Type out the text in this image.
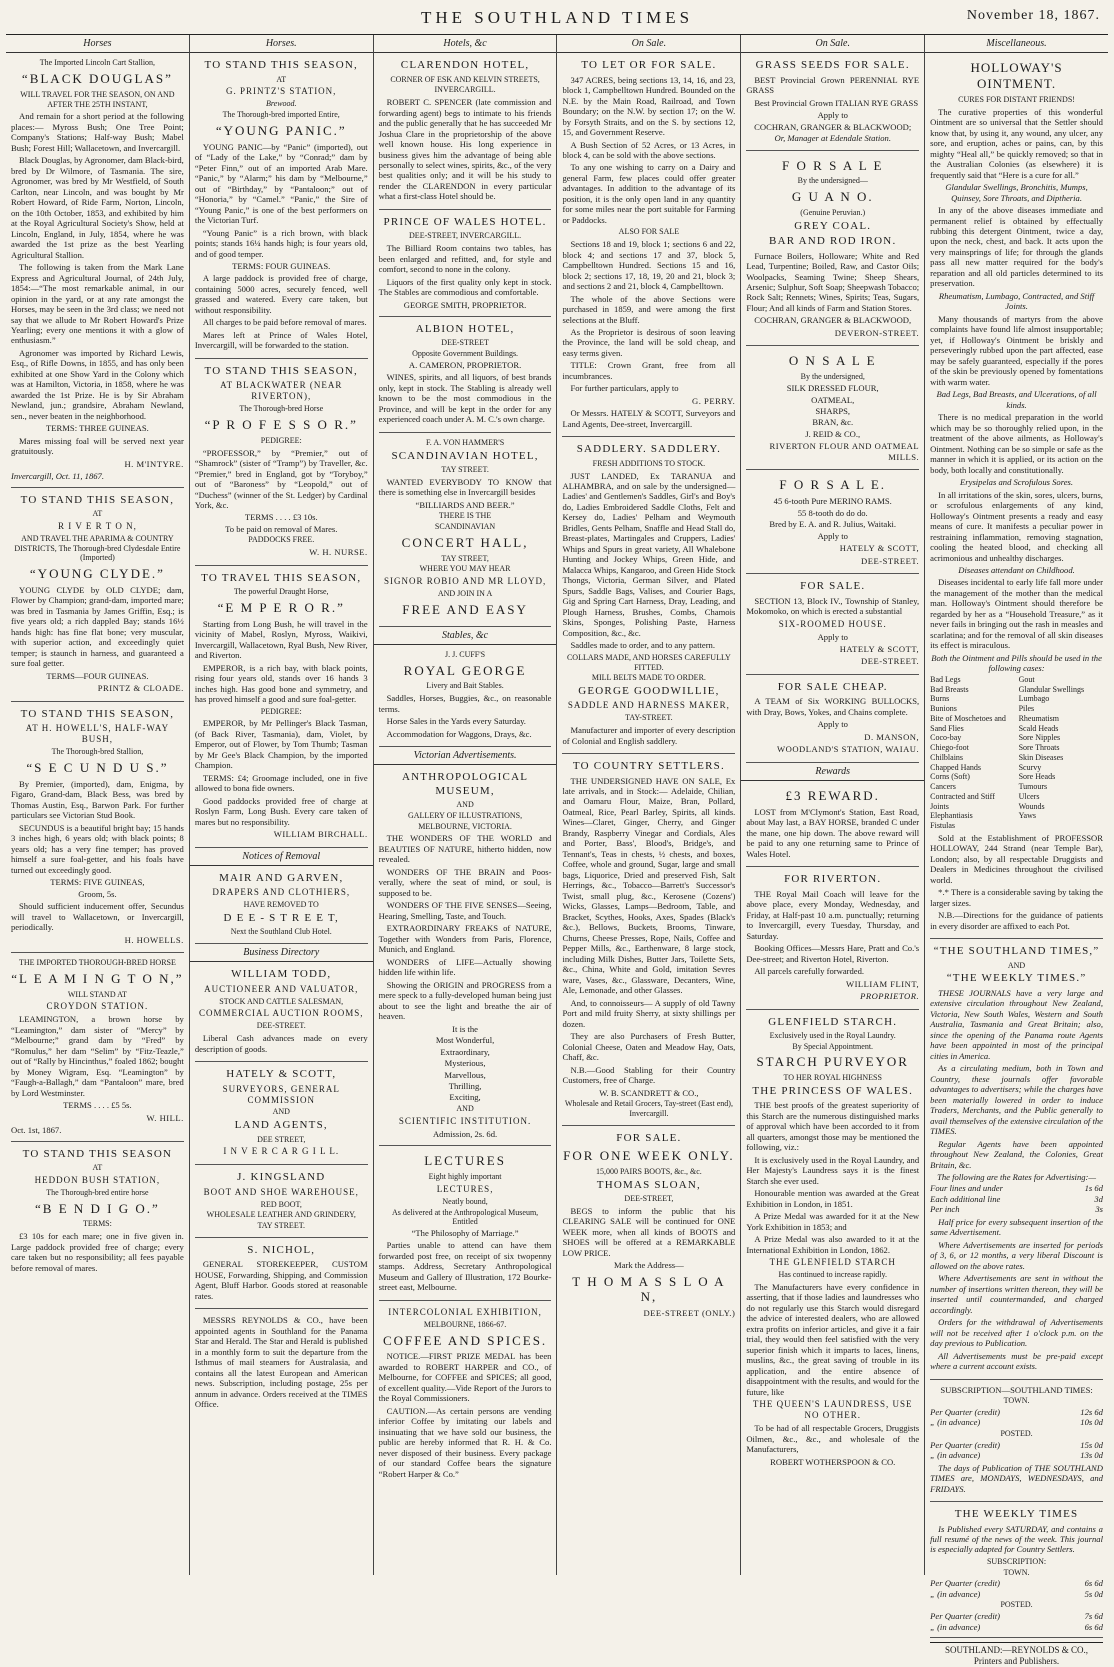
THE SOUTHLAND TIMES	November 18, 1867.
Horses
The Imported Lincoln Cart Stallion,
“BLACK DOUGLAS”
WILL TRAVEL FOR THE SEASON, ON AND AFTER THE 25TH INSTANT,

And remain for a short period at the following places:— Myross Bush; One Tree Point; Company's Stations; Half-way Bush; Mabel Bush; Forest Hill; Wallacetown, and Invercargill.

Black Douglas, by Agronomer, dam Black-bird, bred by Dr Wilmore, of Tasmania. The sire, Agronomer, was bred by Mr Westfield, of South Carlton, near Lincoln, and was bought by Mr Robert Howard, of Ride Farm, Norton, Lincoln, on the 10th October, 1853, and exhibited by him at the Royal Agricultural Society's Show, held at Lincoln, England, in July, 1854, where he was awarded the 1st prize as the best Yearling Agricultural Stallion.

The following is taken from the Mark Lane Express and Agricultural Journal, of 24th July, 1854:—“The most remarkable animal, in our opinion in the yard, or at any rate amongst the Horses, may be seen in the 3rd class; we need not say that we allude to Mr Robert Howard's Prize Yearling; every one mentions it with a glow of enthusiasm.”

Agronomer was imported by Richard Lewis, Esq., of Rifle Downs, in 1855, and has only been exhibited at one Show Yard in the Colony which was at Hamilton, Victoria, in 1858, where he was awarded the 1st Prize. He is by Sir Abraham Newland, jun.; grandsire, Abraham Newland, sen., never beaten in the neighborhood.

TERMS: THREE GUINEAS.

Mares missing foal will be served next year gratuitously.

H. M'INTYRE.
Invercargill, Oct. 11, 1867.
TO STAND THIS SEASON,
AT
R I V E R T O N,
AND TRAVEL THE APARIMA & COUNTRY DISTRICTS, The Thorough-bred Clydesdale Entire (Imported)
“YOUNG CLYDE.”

YOUNG CLYDE by OLD CLYDE; dam, Flower by Champion; grand-dam, imported mare; was bred in Tasmania by James Griffin, Esq.; is five years old; a rich dappled Bay; stands 16½ hands high: has fine flat bone; very muscular, with superior action, and exceedingly quiet temper; is staunch in harness, and guaranteed a sure foal getter.

TERMS—FOUR GUINEAS.
PRINTZ & CLOADE.
TO STAND THIS SEASON,
AT H. HOWELL'S, HALF-WAY BUSH,
The Thorough-bred Stallion,
“S E C U N D U S.”

By Premier, (imported), dam, Enigma, by Figaro, Grand-dam, Black Bess, was bred by Thomas Austin, Esq., Barwon Park. For further particulars see Victorian Stud Book.

SECUNDUS is a beautiful bright bay; 15 hands 3 inches high, 6 years old; with black points; 8 years old; has a very fine temper; has proved himself a sure foal-getter, and his foals have turned out exceedingly good.

TERMS: FIVE GUINEAS,
Groom, 5s.

Should sufficient inducement offer, Secundus will travel to Wallacetown, or Invercargill, periodically.

H. HOWELLS.
THE IMPORTED THOROUGH-BRED HORSE
“L E A M I N G T O N,”
WILL STAND AT
CROYDON STATION.

LEAMINGTON, a brown horse by “Leamington,” dam sister of “Mercy” by “Melbourne;” grand dam by “Fred” by “Romulus,” her dam “Selim” by “Fitz-Teazle,” out of “Rally by Hincinthus,” foaled 1862; bought by Money Wigram, Esq. “Leamington” by “Faugh-a-Ballagh,” dam “Pantaloon” mare, bred by Lord Westminster.

TERMS . . . . £5 5s.
W. HILL.
Oct. 1st, 1867.
TO STAND THIS SEASON
AT
HEDDON BUSH STATION,
The Thorough-bred entire horse
“B E N D I G O.”
TERMS:

£3 10s for each mare; one in five given in. Large paddock provided free of charge; every care taken but no responsibility; all fees payable before removal of mares.

Horses.
TO STAND THIS SEASON,
AT
G. PRINTZ'S STATION,
Brewood.
The Thorough-bred imported Entire,
“YOUNG PANIC.”

YOUNG PANIC—by “Panic” (imported), out of “Lady of the Lake,” by “Conrad;” dam by “Peter Finn,” out of an imported Arab Mare. “Panic,” by “Alarm;” his dam by “Melbourne,” out of “Birthday,” by “Pantaloon;” out of “Honoria,” by “Camel.” “Panic,” the Sire of “Young Panic,” is one of the best performers on the Victorian Turf.

“Young Panic” is a rich brown, with black points; stands 16¼ hands high; is four years old, and of good temper.

TERMS: FOUR GUINEAS.

A large paddock is provided free of charge, containing 5000 acres, securely fenced, well grassed and watered. Every care taken, but without responsibility.

All charges to be paid before removal of mares.

Mares left at Prince of Wales Hotel, Invercargill, will be forwarded to the station.

TO STAND THIS SEASON,
AT BLACKWATER (NEAR RIVERTON),
The Thorough-bred Horse
“P R O F E S S O R.”
PEDIGREE:

“PROFESSOR,” by “Premier,” out of “Shamrock” (sister of “Tramp”) by Traveller, &c. “Premier,” bred in England, got by “Toryboy,” out of “Baroness” by “Leopold,” out of “Duchess” (winner of the St. Ledger) by Cardinal York, &c.

TERMS . . . . £3 10s.
To be paid on removal of Mares.
PADDOCKS FREE.
W. H. NURSE.
TO TRAVEL THIS SEASON,
The powerful Draught Horse,
“E M P E R O R.”

Starting from Long Bush, he will travel in the vicinity of Mabel, Roslyn, Myross, Waikivi, Invercargill, Wallacetown, Ryal Bush, New River, and Riverton.

EMPEROR, is a rich bay, with black points, rising four years old, stands over 16 hands 3 inches high. Has good bone and symmetry, and has proved himself a good and sure foal-getter.

PEDIGREE:

EMPEROR, by Mr Pellinger's Black Tasman, (of Back River, Tasmania), dam, Violet, by Emperor, out of Flower, by Tom Thumb; Tasman by Mr Gee's Black Champion, by the imported Champion.

TERMS: £4; Groomage included, one in five allowed to bona fide owners.

Good paddocks provided free of charge at Roslyn Farm, Long Bush. Every care taken of mares but no responsibility.

WILLIAM BIRCHALL.
Notices of Removal
MAIR AND GARVEN,
DRAPERS AND CLOTHIERS,
HAVE REMOVED TO
D E E - S T R E E T,
Next the Southland Club Hotel.
Business Directory
WILLIAM TODD,
AUCTIONEER AND VALUATOR,
STOCK AND CATTLE SALESMAN,
COMMERCIAL AUCTION ROOMS,
DEE-STREET.

Liberal Cash advances made on every description of goods.

HATELY & SCOTT,
SURVEYORS, GENERAL COMMISSION
AND
LAND AGENTS,
DEE STREET,
I N V E R C A R G I L L.
J. KINGSLAND
BOOT AND SHOE WAREHOUSE,
RED BOOT,
WHOLESALE LEATHER AND GRINDERY,
TAY STREET.
S. NICHOL,

GENERAL STOREKEEPER, CUSTOM HOUSE, Forwarding, Shipping, and Commission Agent, Bluff Harbor. Goods stored at reasonable rates.

MESSRS REYNOLDS & CO., have been appointed agents in Southland for the Panama Star and Herald. The Star and Herald is published in a monthly form to suit the departure from the Isthmus of mail steamers for Australasia, and contains all the latest European and American news. Subscription, including postage, 25s per annum in advance. Orders received at the TIMES Office.

Hotels, &c
CLARENDON HOTEL,
CORNER OF ESK AND KELVIN STREETS,
INVERCARGILL.

ROBERT C. SPENCER (late commission and forwarding agent) begs to intimate to his friends and the public generally that he has succeeded Mr Joshua Clare in the proprietorship of the above well known house. His long experience in business gives him the advantage of being able personally to select wines, spirits, &c., of the very best qualities only; and it will be his study to render the CLARENDON in every particular what a first-class Hotel should be.

PRINCE OF WALES HOTEL.
DEE-STREET, INVERCARGILL.

The Billiard Room contains two tables, has been enlarged and refitted, and, for style and comfort, second to none in the colony.

Liquors of the first quality only kept in stock. The Stables are commodious and comfortable.

GEORGE SMITH, PROPRIETOR.
ALBION HOTEL,
DEE-STREET
Opposite Government Buildings.
A. CAMERON, PROPRIETOR.

WINES, spirits, and all liquors, of best brands only, kept in stock. The Stabling is already well known to be the most commodious in the Province, and will be kept in the order for any experienced coach under A. M. C.'s own charge.

F. A. VON HAMMER'S
SCANDINAVIAN HOTEL,
TAY STREET.

WANTED EVERYBODY TO KNOW that there is something else in Invercargill besides

“BILLIARDS AND BEER.”
THERE IS THE
SCANDINAVIAN
CONCERT HALL,
TAY STREET,
WHERE YOU MAY HEAR
SIGNOR ROBIO AND MR LLOYD,
AND JOIN IN A
FREE AND EASY
Stables, &c
J. J. CUFF'S
ROYAL GEORGE
Livery and Bait Stables.

Saddles, Horses, Buggies, &c., on reasonable terms.

Horse Sales in the Yards every Saturday.

Accommodation for Waggons, Drays, &c.

Victorian Advertisements.
ANTHROPOLOGICAL MUSEUM,
AND
GALLERY OF ILLUSTRATIONS,
MELBOURNE, VICTORIA.

THE WONDERS OF THE WORLD and BEAUTIES OF NATURE, hitherto hidden, now revealed.

WONDERS OF THE BRAIN and Poos-verally, where the seat of mind, or soul, is supposed to be.

WONDERS OF THE FIVE SENSES—Seeing, Hearing, Smelling, Taste, and Touch.

EXTRAORDINARY FREAKS of NATURE, Together with Wonders from Paris, Florence, Munich, and England.

WONDERS of LIFE—Actually showing hidden life within life.

Showing the ORIGIN and PROGRESS from a mere speck to a fully-developed human being just about to see the light and breathe the air of heaven.

It is the
Most Wonderful,
Extraordinary,
Mysterious,
Marvellous,
Thrilling,
Exciting,
AND
SCIENTIFIC INSTITUTION.
Admission, 2s. 6d.
LECTURES
Eight highly important
LECTURES,
Neatly bound,
As delivered at the Anthropological Museum, Entitled
“The Philosophy of Marriage.”

Parties unable to attend can have them forwarded post free, on receipt of six twopenny stamps. Address, Secretary Anthropological Museum and Gallery of Illustration, 172 Bourke-street east, Melbourne.

INTERCOLONIAL EXHIBITION,
MELBOURNE, 1866-67.
COFFEE AND SPICES.

NOTICE.—FIRST PRIZE MEDAL has been awarded to ROBERT HARPER and CO., of Melbourne, for COFFEE and SPICES; all good, of excellent quality.—Vide Report of the Jurors to the Royal Commissioners.

CAUTION.—As certain persons are vending inferior Coffee by imitating our labels and insinuating that we have sold our business, the public are hereby informed that R. H. & Co. never disposed of their business. Every package of our standard Coffee bears the signature “Robert Harper & Co.”

On Sale.
TO LET OR FOR SALE.

347 ACRES, being sections 13, 14, 16, and 23, block 1, Campbelltown Hundred. Bounded on the N.E. by the Main Road, Railroad, and Town Boundary; on the N.W. by section 17; on the W. by Forsyth Straits, and on the S. by sections 12, 15, and Government Reserve.

A Bush Section of 52 Acres, or 13 Acres, in block 4, can be sold with the above sections.

To any one wishing to carry on a Dairy and general Farm, few places could offer greater advantages. In addition to the advantage of its position, it is the only open land in any quantity for some miles near the port suitable for Farming or Paddocks.

ALSO FOR SALE

Sections 18 and 19, block 1; sections 6 and 22, block 4; and sections 17 and 37, block 5, Campbelltown Hundred. Sections 15 and 16, block 2; sections 17, 18, 19, 20 and 21, block 3; and sections 2 and 21, block 4, Campbelltown.

The whole of the above Sections were purchased in 1859, and were among the first selections at the Bluff.

As the Proprietor is desirous of soon leaving the Province, the land will be sold cheap, and easy terms given.

TITLE: Crown Grant, free from all incumbrances.

For further particulars, apply to

G. PERRY.

Or Messrs. HATELY & SCOTT, Surveyors and Land Agents, Dee-street, Invercargill.

SADDLERY. SADDLERY.
FRESH ADDITIONS TO STOCK.

JUST LANDED, Ex TARANUA and ALHAMBRA, and on sale by the undersigned— Ladies' and Gentlemen's Saddles, Girl's and Boy's do, Ladies Embroidered Saddle Cloths, Felt and Kersey do, Ladies' Pelham and Weymouth Bridles, Gents Pelham, Snaffle and Head Stall do, Breast-plates, Martingales and Cruppers, Ladies' Whips and Spurs in great variety, All Whalebone Hunting and Jockey Whips, Green Hide, and Malacca Whips, Kangaroo, and Green Hide Stock Thongs, Victoria, German Silver, and Plated Spurs, Saddle Bags, Valises, and Courier Bags, Gig and Spring Cart Harness, Dray, Leading, and Plough Harness, Brushes, Combs, Chamois Skins, Sponges, Polishing Paste, Harness Composition, &c., &c.

Saddles made to order, and to any pattern.

COLLARS MADE, AND HORSES CAREFULLY FITTED.
MILL BELTS MADE TO ORDER.
GEORGE GOODWILLIE,
SADDLE AND HARNESS MAKER,
TAY-STREET.

Manufacturer and importer of every description of Colonial and English saddlery.

TO COUNTRY SETTLERS.

THE UNDERSIGNED HAVE ON SALE, Ex late arrivals, and in Stock:— Adelaide, Chilian, and Oamaru Flour, Maize, Bran, Pollard, Oatmeal, Rice, Pearl Barley, Spirits, all kinds. Wines—Claret, Ginger, Cherry, and Ginger Brandy, Raspberry Vinegar and Cordials, Ales and Porter, Bass', Blood's, Bridge's, and Tennant's, Teas in chests, ½ chests, and boxes, Coffee, whole and ground, Sugar, large and small bags, Liquorice, Dried and preserved Fish, Salt Herrings, &c., Tobacco—Barrett's Successor's Twist, small plug, &c., Kerosene (Cozens') Wicks, Glasses, Lamps—Bedroom, Table, and Bracket, Scythes, Hooks, Axes, Spades (Black's &c.), Bellows, Buckets, Brooms, Tinware, Churns, Cheese Presses, Rope, Nails, Coffee and Pepper Mills, &c., Earthenware, 8 large stock, including Milk Dishes, Butter Jars, Toilette Sets, &c., China, White and Gold, imitation Sevres ware, Vases, &c., Glassware, Decanters, Wine, Ale, Lemonade, and other Glasses.

And, to connoisseurs— A supply of old Tawny Port and mild fruity Sherry, at sixty shillings per dozen.

They are also Purchasers of Fresh Butter, Colonial Cheese, Oaten and Meadow Hay, Oats, Chaff, &c.

N.B.—Good Stabling for their Country Customers, free of Charge.

W. B. SCANDRETT & CO.,
Wholesale and Retail Grocers, Tay-street (East end), Invercargill.
FOR SALE.
FOR ONE WEEK ONLY.
15,000 PAIRS BOOTS, &c., &c.
THOMAS SLOAN,
DEE-STREET,

BEGS to inform the public that his CLEARING SALE will be continued for ONE WEEK more, when all kinds of BOOTS and SHOES will be offered at a REMARKABLE LOW PRICE.

Mark the Address—
T H O M A S S L O A N,
DEE-STREET (ONLY.)
On Sale.
GRASS SEEDS FOR SALE.

BEST Provincial Grown PERENNIAL RYE GRASS

Best Provincial Grown ITALIAN RYE GRASS

Apply to
COCHRAN, GRANGER & BLACKWOOD;
Or, Manager at Edendale Station.
F O R S A L E
By the undersigned—
G U A N O.
(Genuine Peruvian.)
GREY COAL.
BAR AND ROD IRON.

Furnace Boilers, Holloware; White and Red Lead, Turpentine; Boiled, Raw, and Castor Oils; Woolpacks, Seaming Twine; Sheep Shears, Arsenic; Sulphur, Soft Soap; Sheepwash Tobacco; Rock Salt; Rennets; Wines, Spirits; Teas, Sugars, Flour; And all kinds of Farm and Station Stores.

COCHRAN, GRANGER & BLACKWOOD,
DEVERON-STREET.
O N S A L E
By the undersigned,
SILK DRESSED FLOUR,
OATMEAL,
SHARPS,
BRAN, &c.
J. REID & CO.,
RIVERTON FLOUR AND OATMEAL MILLS.
F O R S A L E.
45 6-tooth Pure MERINO RAMS.
55 8-tooth do do do.
Bred by E. A. and R. Julius, Waitaki.
Apply to
HATELY & SCOTT,
DEE-STREET.
FOR SALE.

SECTION 13, Block IV., Township of Stanley, Mokomoko, on which is erected a substantial

SIX-ROOMED HOUSE.
Apply to
HATELY & SCOTT,
DEE-STREET.
FOR SALE CHEAP.

A TEAM of Six WORKING BULLOCKS, with Dray, Bows, Yokes, and Chains complete.

Apply to
D. MANSON,
WOODLAND'S STATION, WAIAU.
Rewards
£3 REWARD.

LOST from M'Clymont's Station, East Road, about May last, a BAY HORSE, branded C under the mane, one hip down. The above reward will be paid to any one returning same to Prince of Wales Hotel.

FOR RIVERTON.

THE Royal Mail Coach will leave for the above place, every Monday, Wednesday, and Friday, at Half-past 10 a.m. punctually; returning to Invercargill, every Tuesday, Thursday, and Saturday.

Booking Offices—Messrs Hare, Pratt and Co.'s Dee-street; and Riverton Hotel, Riverton.

All parcels carefully forwarded.

WILLIAM FLINT,
PROPRIETOR.
GLENFIELD STARCH.
Exclusively used in the Royal Laundry.
By Special Appointment.
STARCH PURVEYOR
TO HER ROYAL HIGHNESS
THE PRINCESS OF WALES.

THE best proofs of the greatest superiority of this Starch are the numerous distinguished marks of approval which have been accorded to it from all quarters, amongst those may be mentioned the following, viz.:

It is exclusively used in the Royal Laundry, and Her Majesty's Laundress says it is the finest Starch she ever used.

Honourable mention was awarded at the Great Exhibition in London, in 1851.

A Prize Medal was awarded for it at the New York Exhibition in 1853; and

A Prize Medal was also awarded to it at the International Exhibition in London, 1862.

THE GLENFIELD STARCH
Has continued to increase rapidly.

The Manufacturers have every confidence in asserting, that if those ladies and laundresses who do not regularly use this Starch would disregard the advice of interested dealers, who are allowed extra profits on inferior articles, and give it a fair trial, they would then feel satisfied with the very superior finish which it imparts to laces, linens, muslins, &c., the great saving of trouble in its application, and the entire absence of disappointment with the results, and would for the future, like

THE QUEEN'S LAUNDRESS, USE NO OTHER.

To be had of all respectable Grocers, Druggists Oilmen, &c., &c., and wholesale of the Manufacturers,

ROBERT WOTHERSPOON & CO.
Miscellaneous.
HOLLOWAY'S OINTMENT.
CURES FOR DISTANT FRIENDS!

The curative properties of this wonderful Ointment are so universal that the Settler should know that, by using it, any wound, any ulcer, any sore, and eruption, aches or pains, can, by this mighty “Heal all,” be quickly removed; so that in the Australian Colonies (as elsewhere) it is frequently said that “Here is a cure for all.”

Glandular Swellings, Bronchitis, Mumps, Quinsey, Sore Throats, and Diptheria.

In any of the above diseases immediate and permanent relief is obtained by effectually rubbing this detergent Ointment, twice a day, upon the neck, chest, and back. It acts upon the very mainsprings of life; for through the glands pass all new matter required for the body's reparation and all old particles determined to its preservation.

Rheumatism, Lumbago, Contracted, and Stiff Joints.

Many thousands of martyrs from the above complaints have found life almost insupportable; yet, if Holloway's Ointment be briskly and perseveringly rubbed upon the part affected, ease may be safely guaranteed, especially if the pores of the skin be previously opened by fomentations with warm water.

Bad Legs, Bad Breasts, and Ulcerations, of all kinds.

There is no medical preparation in the world which may be so thoroughly relied upon, in the treatment of the above ailments, as Holloway's Ointment. Nothing can be so simple or safe as the manner in which it is applied, or its action on the body, both locally and constitutionally.

Erysipelas and Scrofulous Sores.

In all irritations of the skin, sores, ulcers, burns, or scrofulous enlargements of any kind, Holloway's Ointment presents a ready and easy means of cure. It manifests a peculiar power in restraining inflammation, removing stagnation, cooling the heated blood, and checking all acrimonious and unhealthy discharges.

Diseases attendant on Childhood.

Diseases incidental to early life fall more under the management of the mother than the medical man. Holloway's Ointment should therefore be regarded by her as a “Household Treasure,” as it never fails in bringing out the rash in measles and scarlatina; and for the removal of all skin diseases its effect is miraculous.

Both the Ointment and Pills should be used in the following cases:
Bad Legs
Bad Breasts
Burns
Bunions
Bite of Moschetoes and Sand Flies
Coco-bay
Chiego-foot
Chilblains
Chapped Hands
Corns (Soft)
Cancers
Contracted and Stiff Joints
Elephantiasis
Fistulas
Gout
Glandular Swellings
Lumbago
Piles
Rheumatism
Scald Heads
Sore Nipples
Sore Throats
Skin Diseases
Scurvy
Sore Heads
Tumours
Ulcers
Wounds
Yaws

Sold at the Establishment of PROFESSOR HOLLOWAY, 244 Strand (near Temple Bar), London; also, by all respectable Druggists and Dealers in Medicines throughout the civilised world.

*.* There is a considerable saving by taking the larger sizes.

N.B.—Directions for the guidance of patients in every disorder are affixed to each Pot.

“THE SOUTHLAND TIMES,”
AND
“THE WEEKLY TIMES.”

THESE JOURNALS have a very large and extensive circulation throughout New Zealand, Victoria, New South Wales, Western and South Australia, Tasmania and Great Britain; also, since the opening of the Panama route Agents have been appointed in most of the principal cities in America.

As a circulating medium, both in Town and Country, these journals offer favorable advantages to advertisers; while the charges have been materially lowered in order to induce Traders, Merchants, and the Public generally to avail themselves of the extensive circulation of the TIMES.

Regular Agents have been appointed throughout New Zealand, the Colonies, Great Britain, &c.

The following are the Rates for Advertising:—
Four lines and under	1s 6d
Each additional line	3d
Per inch	3s

Half price for every subsequent insertion of the same Advertisement.

Where Advertisements are inserted for periods of 3, 6, or 12 months, a very liberal Discount is allowed on the above rates.

Where Advertisements are sent in without the number of insertions written thereon, they will be inserted until countermanded, and charged accordingly.

Orders for the withdrawal of Advertisements will not be received after 1 o'clock p.m. on the day previous to Publication.

All Advertisements must be pre-paid except where a current account exists.

SUBSCRIPTION—SOUTHLAND TIMES:
TOWN.
Per Quarter (credit)	12s 6d
„ (in advance)	10s 0d
POSTED.
Per Quarter (credit)	15s 0d
„ (in advance)	13s 0d

The days of Publication of THE SOUTHLAND TIMES are, MONDAYS, WEDNESDAYS, and FRIDAYS.

THE WEEKLY TIMES

Is Published every SATURDAY, and contains a full resumé of the news of the week. This journal is especially adapted for Country Settlers.

SUBSCRIPTION:
TOWN.
Per Quarter (credit)	6s 6d
„ (in advance)	5s 0d
POSTED.
Per Quarter (credit)	7s 6d
„ (in advance)	6s 6d
SOUTHLAND:—REYNOLDS & CO., Printers and Publishers.
